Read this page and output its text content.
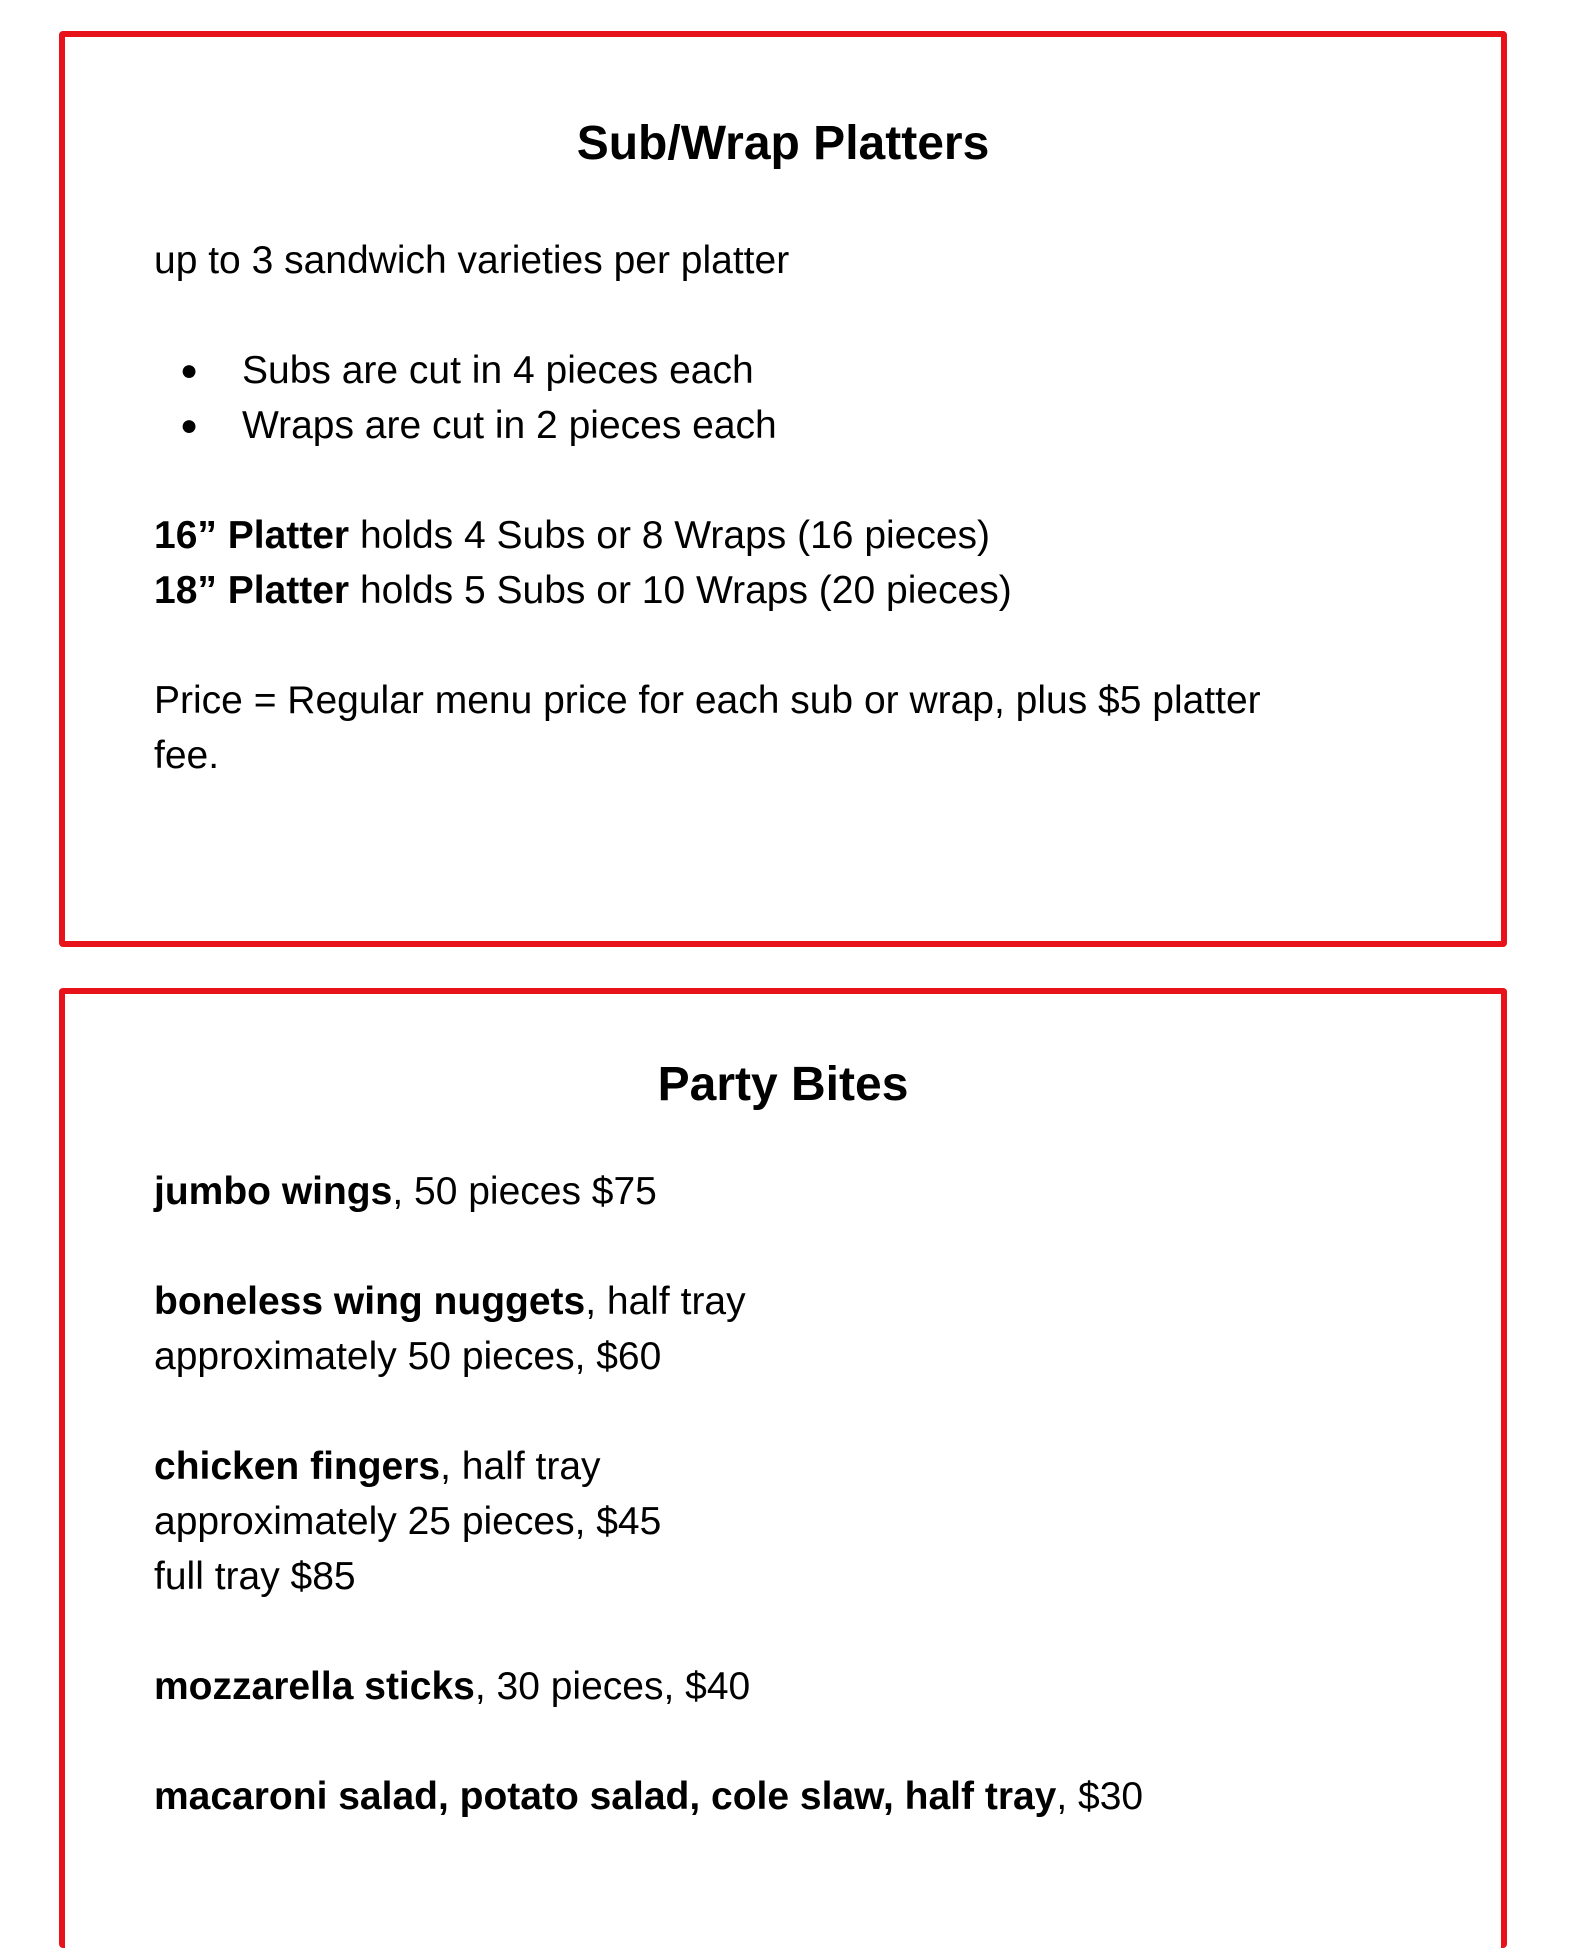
Sub/Wrap Platters

up to 3 sandwich varieties per platter

● Subs are cut in 4 pieces each
● Wraps are cut in 2 pieces each

16” Platter holds 4 Subs or 8 Wraps (16 pieces)

18” Platter holds 5 Subs or 10 Wraps (20 pieces)

Price = Regular menu price for each sub or wrap, plus $5 platter

fee.

Party Bites

jumbo wings, 50 pieces $75

boneless wing nuggets, half tray

approximately 50 pieces, $60

chicken fingers, half tray

approximately 25 pieces, $45

full tray $85

mozzarella sticks, 30 pieces, $40

macaroni salad, potato salad, cole slaw, half tray, $30
